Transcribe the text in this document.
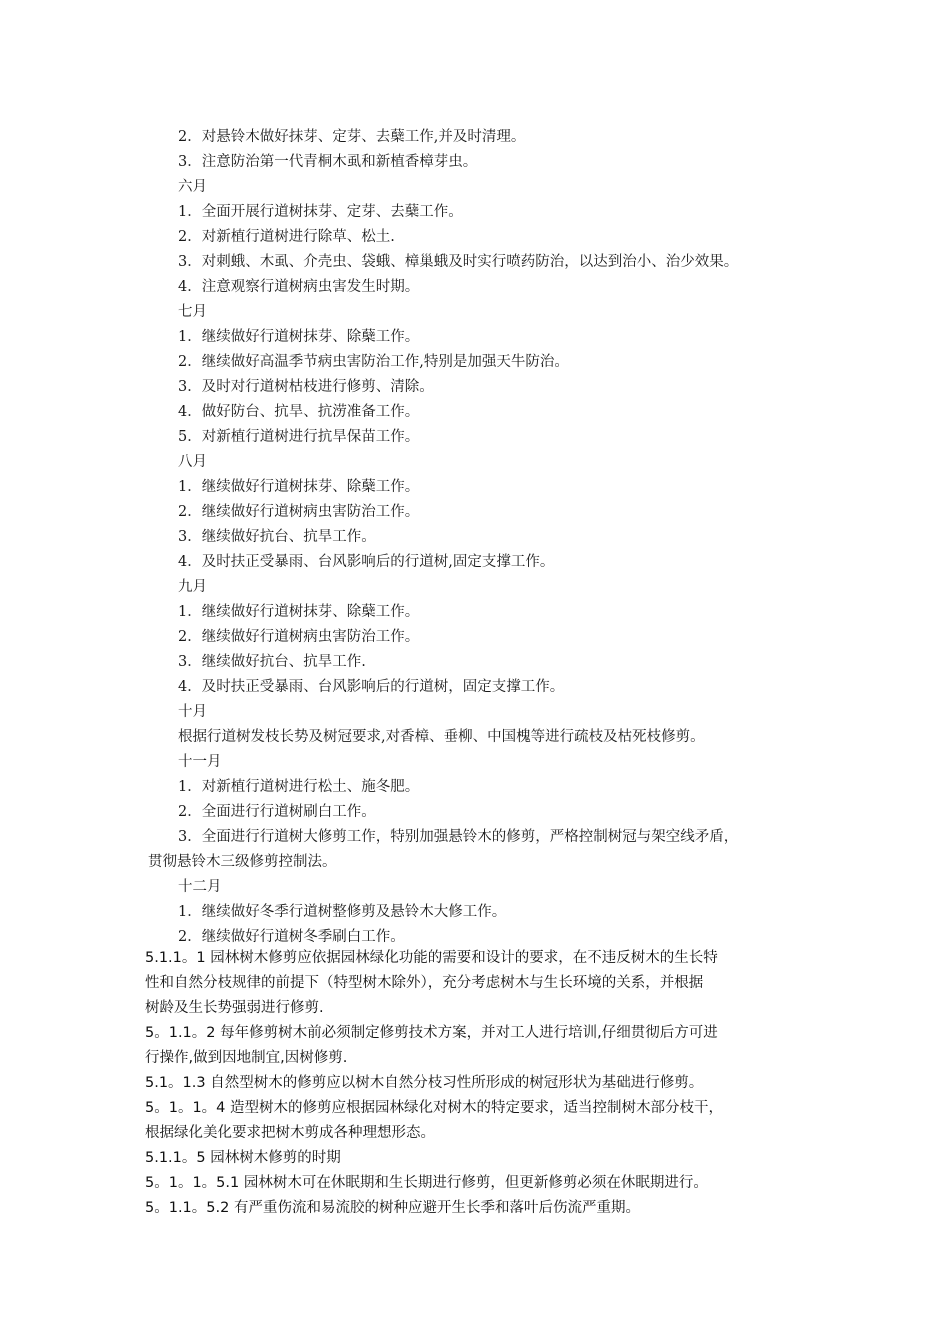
2．对悬铃木做好抹芽、定芽、去蘖工作,并及时清理。
3．注意防治第一代青桐木虱和新植香樟芽虫。
六月
1．全面开展行道树抹芽、定芽、去蘖工作。
2．对新植行道树进行除草、松土.
3．对刺蛾、木虱、介壳虫、袋蛾、樟巢蛾及时实行喷药防治，以达到治小、治少效果。
4．注意观察行道树病虫害发生时期。
七月
1．继续做好行道树抹芽、除蘖工作。
2．继续做好高温季节病虫害防治工作,特别是加强天牛防治。
3．及时对行道树枯枝进行修剪、清除。
4．做好防台、抗旱、抗涝准备工作。
5．对新植行道树进行抗旱保苗工作。
八月
1．继续做好行道树抹芽、除蘖工作。
2．继续做好行道树病虫害防治工作。
3．继续做好抗台、抗旱工作。
4．及时扶正受暴雨、台风影响后的行道树,固定支撑工作。
九月
1．继续做好行道树抹芽、除蘖工作。
2．继续做好行道树病虫害防治工作。
3．继续做好抗台、抗旱工作.
4．及时扶正受暴雨、台风影响后的行道树，固定支撑工作。
十月
根据行道树发枝长势及树冠要求,对香樟、垂柳、中国槐等进行疏枝及枯死枝修剪。
十一月
1．对新植行道树进行松土、施冬肥。
2．全面进行行道树刷白工作。
3．全面进行行道树大修剪工作，特别加强悬铃木的修剪，严格控制树冠与架空线矛盾，
贯彻悬铃木三级修剪控制法。
十二月
1．继续做好冬季行道树整修剪及悬铃木大修工作。
2．继续做好行道树冬季刷白工作。
5.1.1。1 园林树木修剪应依据园林绿化功能的需要和设计的要求，在不违反树木的生长特
性和自然分枝规律的前提下（特型树木除外），充分考虑树木与生长环境的关系，并根据
树龄及生长势强弱进行修剪.
5。1.1。2 每年修剪树木前必须制定修剪技术方案，并对工人进行培训,仔细贯彻后方可进
行操作,做到因地制宜,因树修剪.
5.1。1.3 自然型树木的修剪应以树木自然分枝习性所形成的树冠形状为基础进行修剪。
5。1。1。4 造型树木的修剪应根据园林绿化对树木的特定要求，适当控制树木部分枝干，
根据绿化美化要求把树木剪成各种理想形态。
5.1.1。5 园林树木修剪的时期
5。1。1。5.1 园林树木可在休眠期和生长期进行修剪，但更新修剪必须在休眠期进行。
5。1.1。5.2 有严重伤流和易流胶的树种应避开生长季和落叶后伤流严重期。
